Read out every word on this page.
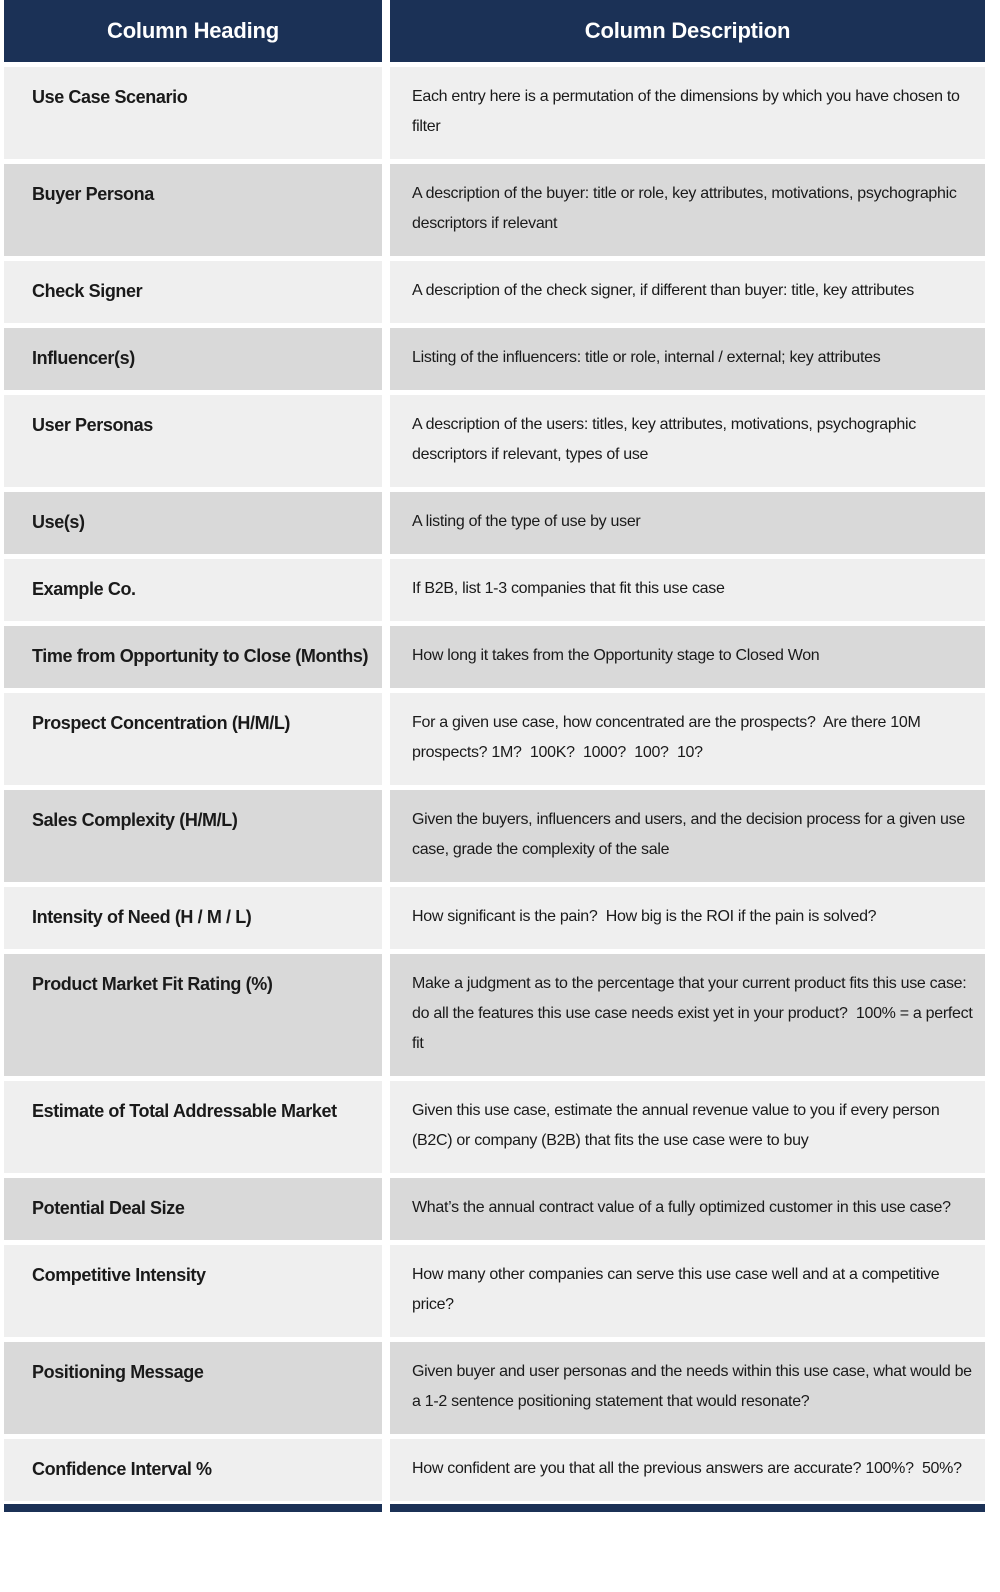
Column Heading	Column Description
Use Case Scenario	Each entry here is a permutation of the dimensions by which you have chosen to filter
Buyer Persona	A description of the buyer: title or role, key attributes, motivations, psychographic descriptors if relevant
Check Signer	A description of the check signer, if different than buyer: title, key attributes
Influencer(s)	Listing of the influencers: title or role, internal / external; key attributes
User Personas	A description of the users: titles, key attributes, motivations, psychographic descriptors if relevant, types of use
Use(s)	A listing of the type of use by user
Example Co.	If B2B, list 1-3 companies that fit this use case
Time from Opportunity to Close (Months)	How long it takes from the Opportunity stage to Closed Won
Prospect Concentration (H/M/L)	For a given use case, how concentrated are the prospects?  Are there 10M prospects? 1M?  100K?  1000?  100?  10?
Sales Complexity (H/M/L)	Given the buyers, influencers and users, and the decision process for a given use case, grade the complexity of the sale
Intensity of Need (H / M / L)	How significant is the pain?  How big is the ROI if the pain is solved?
Product Market Fit Rating (%)	Make a judgment as to the percentage that your current product fits this use case: do all the features this use case needs exist yet in your product?  100% = a perfect fit
Estimate of Total Addressable Market	Given this use case, estimate the annual revenue value to you if every person (B2C) or company (B2B) that fits the use case were to buy
Potential Deal Size	What’s the annual contract value of a fully optimized customer in this use case?
Competitive Intensity	How many other companies can serve this use case well and at a competitive price?
Positioning Message	Given buyer and user personas and the needs within this use case, what would be a 1-2 sentence positioning statement that would resonate?
Confidence Interval %	How confident are you that all the previous answers are accurate? 100%?  50%?
